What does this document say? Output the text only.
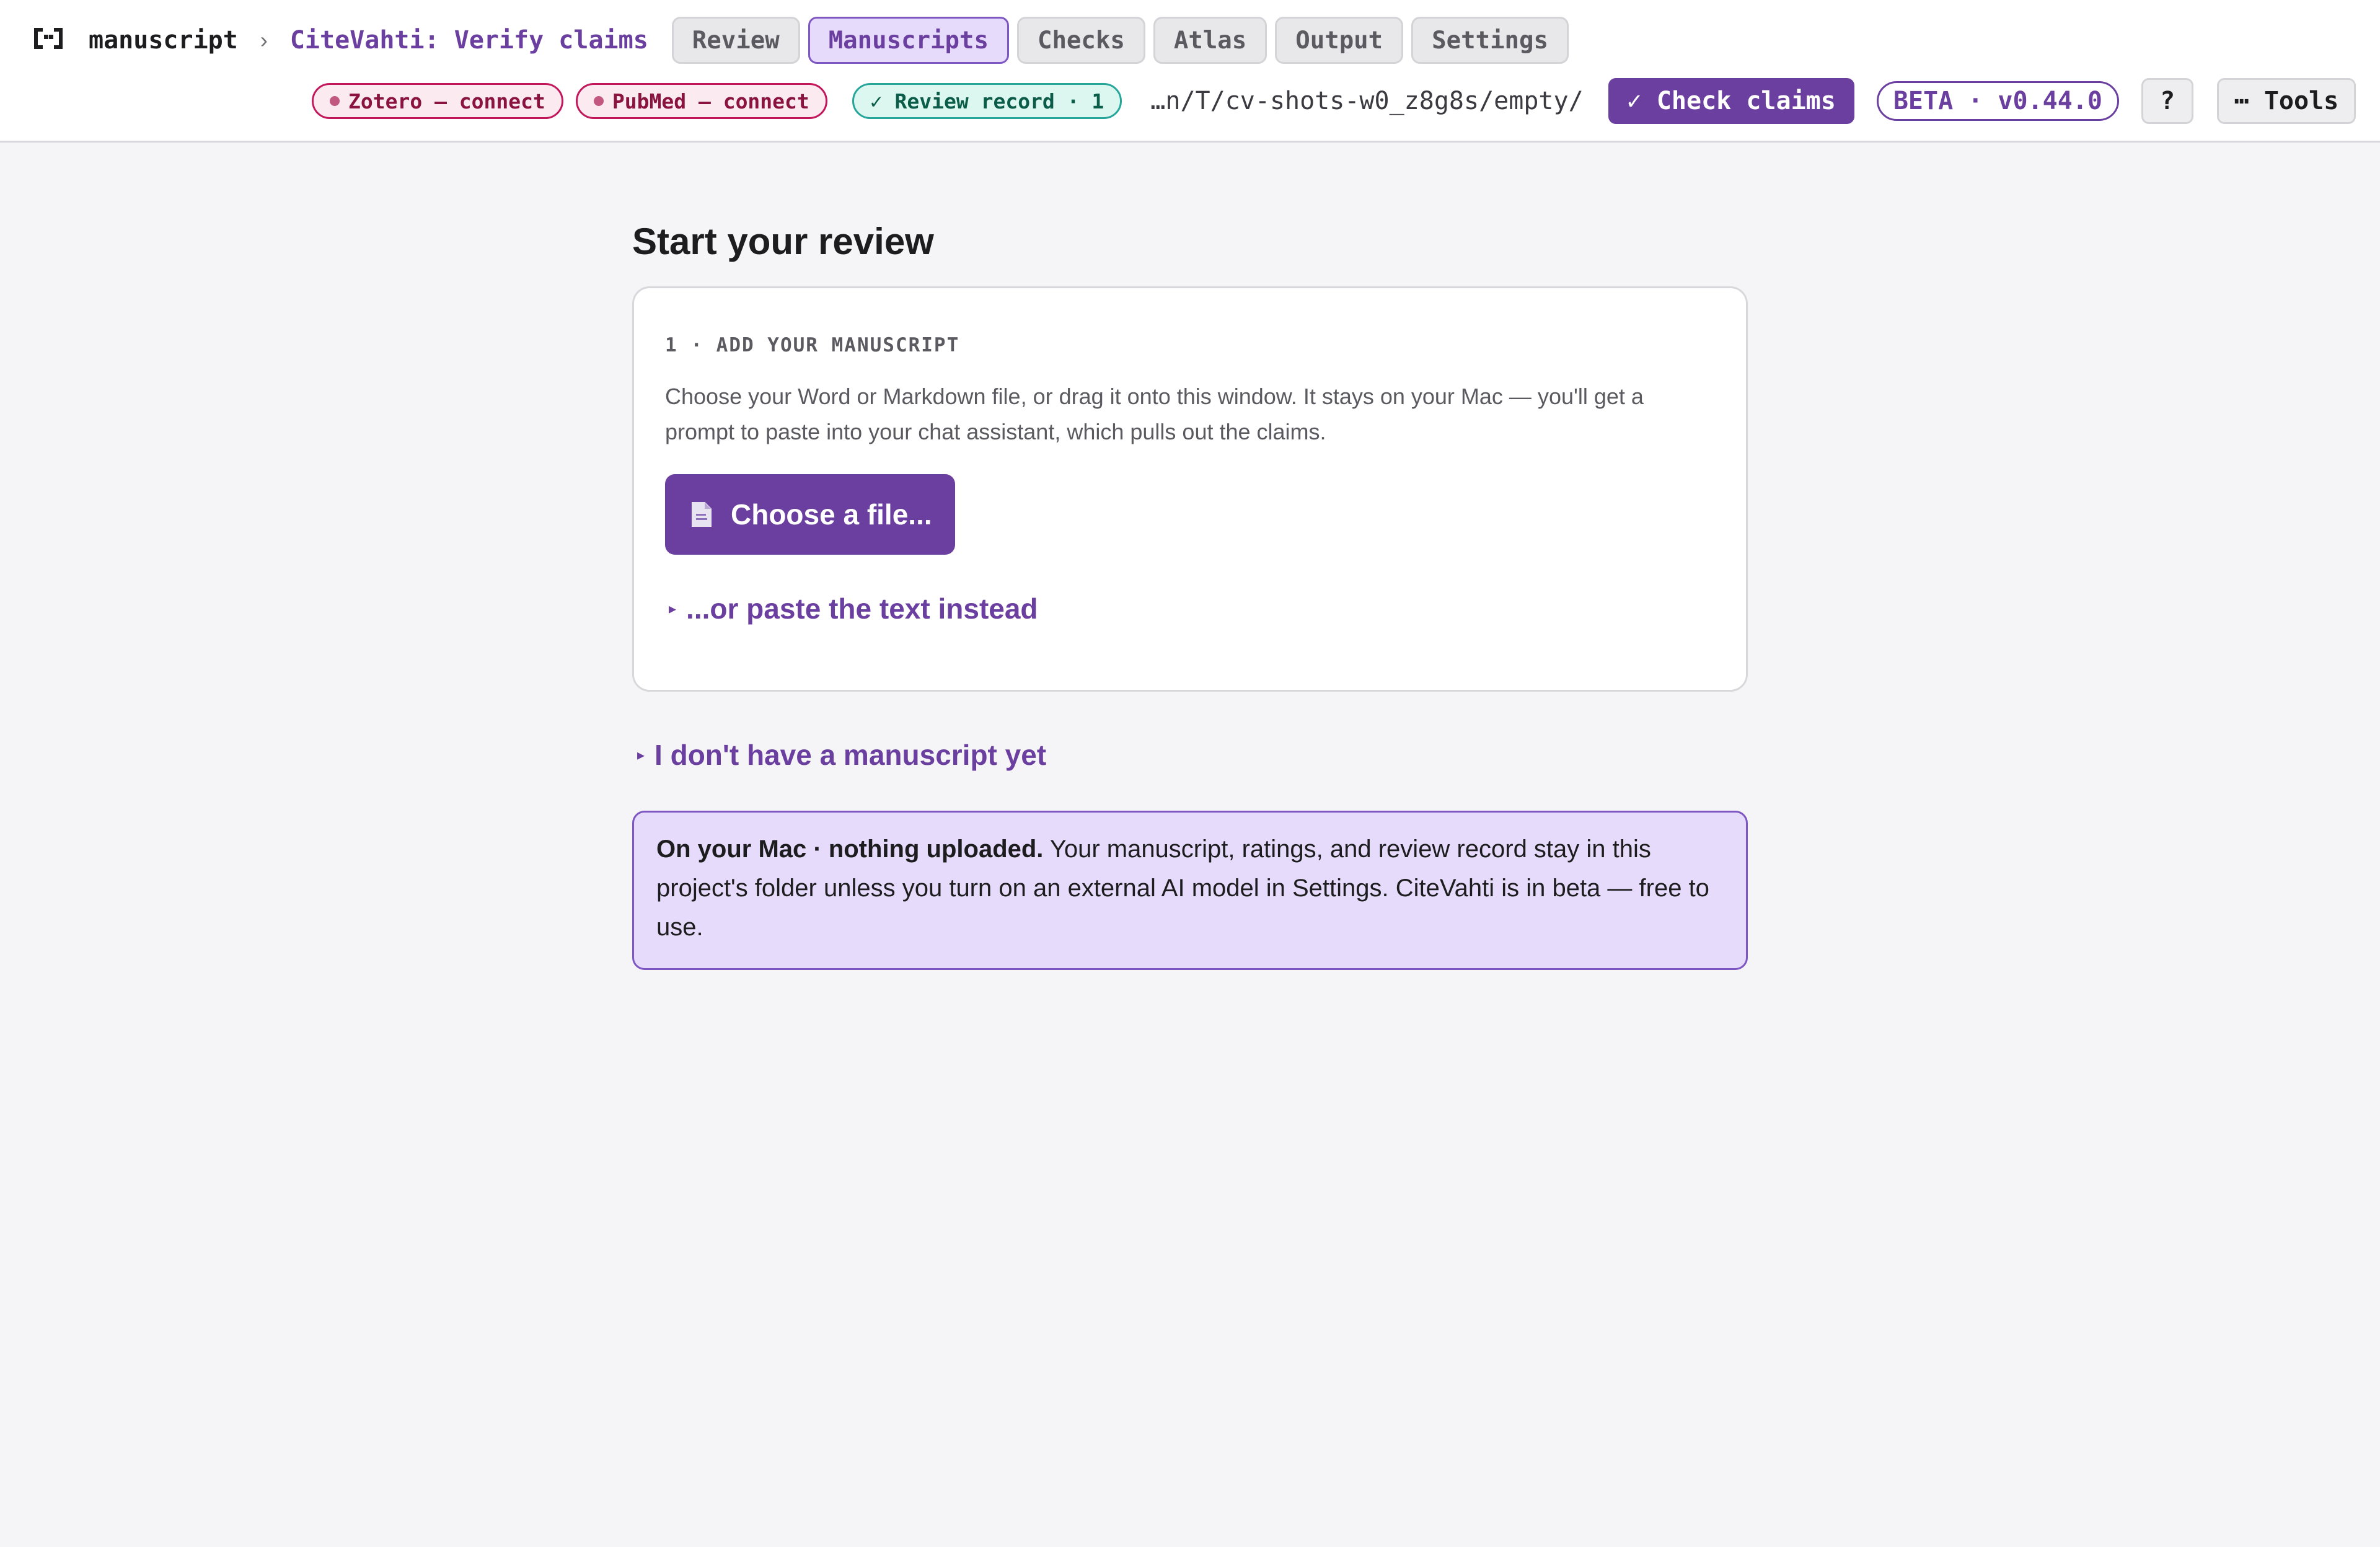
manuscript › CiteVahti: Verify claims	Review	Manuscripts	Checks	Atlas	Output	Settings
Zotero — connect	PubMed — connect	✓ Review record · 1 …n/T/cv-shots-w0_z8g8s/empty/	✓ Check claims	BETA · v0.44.0	?	⋯ Tools
Start your review
1 · ADD YOUR MANUSCRIPT
Choose your Word or Markdown file, or drag it onto this window. It stays on your Mac — you'll get a prompt to paste into your chat assistant, which pulls out the claims.
Choose a file...
▸ ...or paste the text instead
▸ I don't have a manuscript yet
On your Mac · nothing uploaded. Your manuscript, ratings, and review record stay in this project's folder unless you turn on an external AI model in Settings. CiteVahti is in beta — free to use.
